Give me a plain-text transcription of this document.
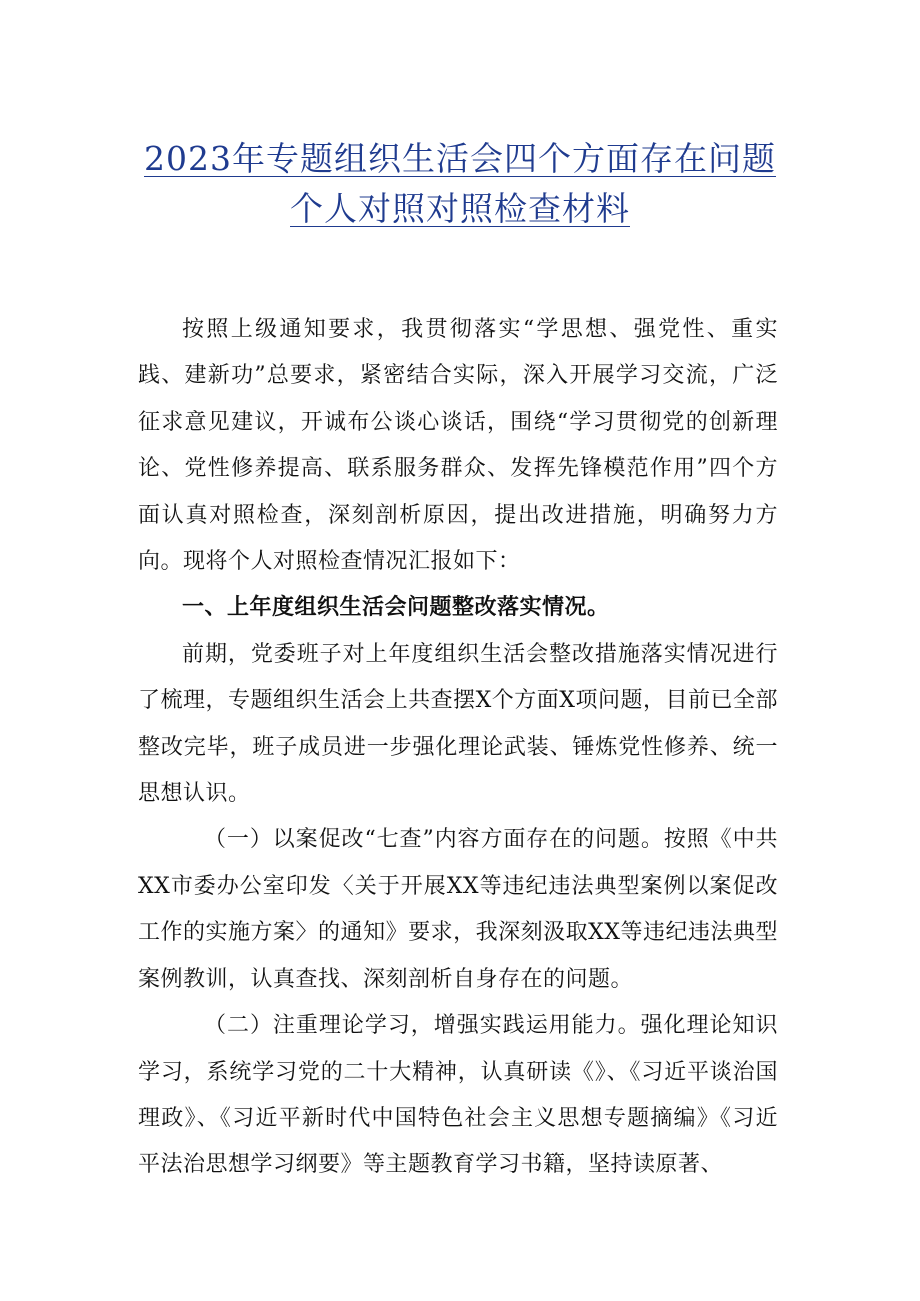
2023年专题组织生活会四个方面存在问题
个人对照对照检查材料

按照上级通知要求，我贯彻落实“学思想、强党性、重实践、建新功”总要求，紧密结合实际，深入开展学习交流，广泛征求意见建议，开诚布公谈心谈话，围绕“学习贯彻党的创新理论、党性修养提高、联系服务群众、发挥先锋模范作用”四个方面认真对照检查，深刻剖析原因，提出改进措施，明确努力方向。现将个人对照检查情况汇报如下：

一、上年度组织生活会问题整改落实情况。

前期，党委班子对上年度组织生活会整改措施落实情况进行了梳理，专题组织生活会上共查摆X个方面X项问题，目前已全部整改完毕，班子成员进一步强化理论武装、锤炼党性修养、统一思想认识。

（一）以案促改“七查”内容方面存在的问题。按照《中共XX市委办公室印发〈关于开展XX等违纪违法典型案例以案促改工作的实施方案〉的通知》要求，我深刻汲取XX等违纪违法典型案例教训，认真查找、深刻剖析自身存在的问题。

（二）注重理论学习，增强实践运用能力。强化理论知识学习，系统学习党的二十大精神，认真研读《》、《习近平谈治国理政》、《习近平新时代中国特色社会主义思想专题摘编》《习近平法治思想学习纲要》等主题教育学习书籍，坚持读原著、
